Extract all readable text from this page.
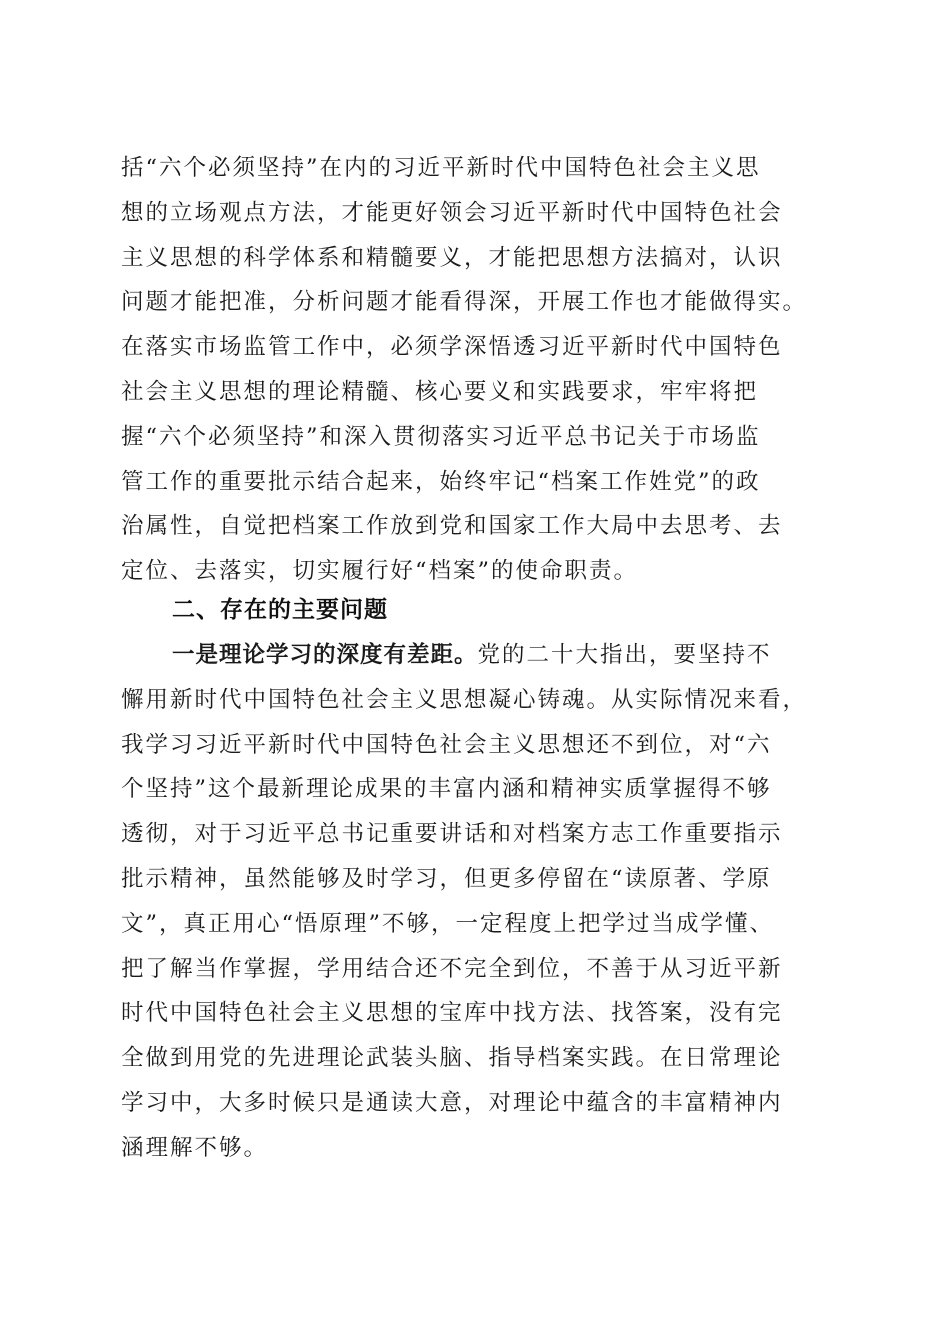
括“六个必须坚持”在内的习近平新时代中国特色社会主义思
想的立场观点方法，才能更好领会习近平新时代中国特色社会
主义思想的科学体系和精髓要义，才能把思想方法搞对，认识
问题才能把准，分析问题才能看得深，开展工作也才能做得实。
在落实市场监管工作中，必须学深悟透习近平新时代中国特色
社会主义思想的理论精髓、核心要义和实践要求，牢牢将把
握“六个必须坚持”和深入贯彻落实习近平总书记关于市场监
管工作的重要批示结合起来，始终牢记“档案工作姓党”的政
治属性，自觉把档案工作放到党和国家工作大局中去思考、去
定位、去落实，切实履行好“档案”的使命职责。
二、存在的主要问题
一是理论学习的深度有差距。党的二十大指出，要坚持不
懈用新时代中国特色社会主义思想凝心铸魂。从实际情况来看，
我学习习近平新时代中国特色社会主义思想还不到位，对“六
个坚持”这个最新理论成果的丰富内涵和精神实质掌握得不够
透彻，对于习近平总书记重要讲话和对档案方志工作重要指示
批示精神，虽然能够及时学习，但更多停留在“读原著、学原
文”，真正用心“悟原理”不够，一定程度上把学过当成学懂、
把了解当作掌握，学用结合还不完全到位，不善于从习近平新
时代中国特色社会主义思想的宝库中找方法、找答案，没有完
全做到用党的先进理论武装头脑、指导档案实践。在日常理论
学习中，大多时候只是通读大意，对理论中蕴含的丰富精神内
涵理解不够。
